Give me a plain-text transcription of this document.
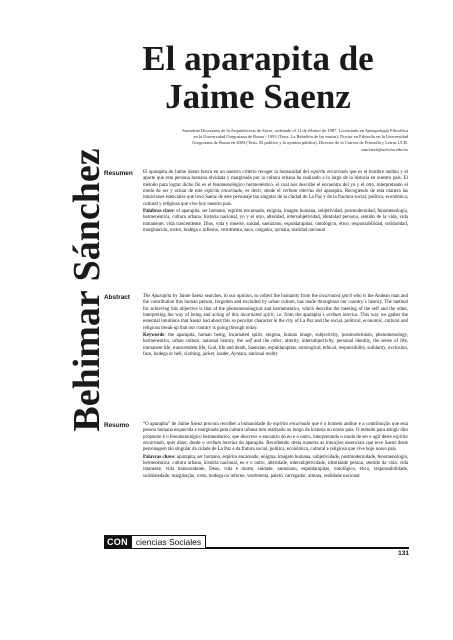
El aparapita de
Jaime Saenz
Sacerdote Diocesano de la Arquidiócesis de Sucre, ordenado el 12 de febrero de 1987. Licenciado en Antropología Filosófica
en la Universidad Gregoriana de Roma - 1993 (Tesis. La Rebelión de las masas). Doctor en Filosofía en la Universidad
Gregoriana de Roma en 2003 (Tesis. El político y la opinión pública). Director de la Carrera de Filosofía y Letras UCB.
sanchezb@ucbcha.edu.bo
Behimar Sánchez
Resumen El aparapita de Jaime Saenz busca en un nuestro criterio recoger la humanidad del espíritu encarnado que es el hombre andino y el aporte que esta persona humana olvidada y marginada por la cultura urbana ha realizado a lo largo de la historia en nuestro país. El método para lograr dicho fin es el fenomenológico hermenéutico, el cual nos describe el encuentro del yo y el otro, interpretando el modo de ser y actuar de este espíritu encarnado, es decir, desde el verbum interius del aparapita. Recogiendo de esta manera las intuiciones esenciales que tuvo Saenz de este personaje tan singular de la ciudad de La Paz y de la fractura social, política, económica, cultural y religiosa que vive hoy nuestro país.

Palabras clave: el aparapita, ser humano, espíritu encarnado, enigma, imagen humana, subjetividad, posmodernidad, fenomenología, hermenéutica, cultura urbana, historia nacional, yo y el otro, alteridad, intersubjetividad, identidad persona, sentido de la vida, vida inmanente, vida trascendente, Dios, vida y muerte, suidad, saenziano, espuldarapitas, ontológico, ético, responsabilidad, solidaridad, marginación, rostro, bodega o infierno, vestimenta, saco, cargador, aymara, realidad nacional

Abstract	The Aparapita by Jaime Saenz searches, in our opinion, to collect the humanity from the incarnated spirit who is the Andean man and the contribution this human person, forgotten and excluded by urban culture, has made throughout our country´s history. The method for achieving this objective is that of the phenomenological and hermeneutics, which describe the meeting of the self and the other, interpreting the way of being and acting of this incarnated spirit, i.e. from the aparapita´s verbum interius. This way we gather the essential intuitions that Saenz had about this so peculiar character in the city of La Paz and the social, political, economic, cultural and religious break-up that our country is going through today.

Keywords: the aparapita, human being, incarnated spirit, enigma, human image, subjectivity, postmodernism, phenomenology, hermeneutics, urban culture, national history, the self and the other, alterity, intersubjectivity, personal identity, the sense of life, immanent life, transcendent life, God, life and death, Saenzian, espuldarapitas, ontological, ethical, responsibility, solidarity, exclusion, face, bodega or hell, clothing, jacket, loader, Aymara, national reality

Resumo	“O aparapita” de Jaime Saenz procura recolher a humanidade do espírito encarnado que é o homem andino e a contribuição que esta pessoa humana esquecida e marginada pela cultura urbana tem realizado ao longo da historia no nosso país. O método para atingir dito propósito é o fenomenológico hermenêutico, que descreve o encontro do eu e o outro, interpretando o modo de ser e agir deste espírito encarnado, quer dizer, desde o verbum interius do aparapita. Recolhendo desta maneira as intuições essenciais que teve Saenz deste personagem tão singular da cidade de La Paz e da fratura social, política, econômica, cultural e religiosa que vive hoje nosso país.

Palavras chave: aparapita, ser humano, espírito encarnado, enigma, imagem humana, subjetividade, postmodernidade, fenomenologia, hermenêutica, cultura urbana, história nacional, eu e o outro, alteridade, intersubjetividade, identidade pessoa, sentido da vida, vida imanente, vida transcendente, Deus, vida e morte, suidade, saenziano, espuldarapitas, ontológico, ético, responsabilidade, solidariedade, marginação, rosto, bodega ou inferno, vestimenta, paletó, carregador, aimara, realidade nacional

CON ciencias Sociales
131
